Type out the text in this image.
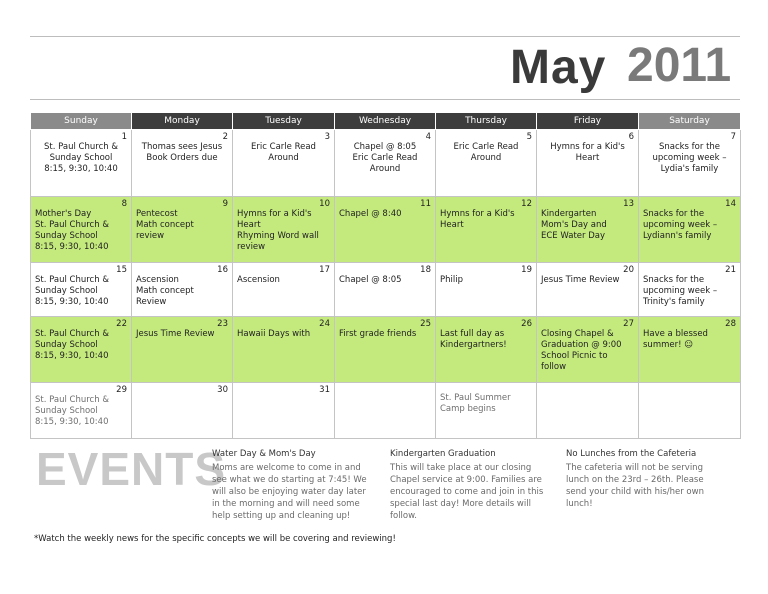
May 2011
Sunday	Monday	Tuesday	Wednesday	Thursday	Friday	Saturday

1
St. Paul Church &
Sunday School
8:15, 9:30, 10:40	2
Thomas sees Jesus
Book Orders due	3
Eric Carle Read
Around	4
Chapel @ 8:05
Eric Carle Read
Around	5
Eric Carle Read
Around	6
Hymns for a Kid's
Heart	7
Snacks for the
upcoming week –
Lydia's family

8
Mother's Day
St. Paul Church &
Sunday School
8:15, 9:30, 10:40	9
Pentecost
Math concept
review	10
Hymns for a Kid's
Heart
Rhyming Word wall
review	11
Chapel @ 8:40	12
Hymns for a Kid's
Heart	13
Kindergarten
Mom's Day and
ECE Water Day	14
Snacks for the
upcoming week –
Lydiann's family

15
St. Paul Church &
Sunday School
8:15, 9:30, 10:40	16
Ascension
Math concept
Review	17
Ascension	18
Chapel @ 8:05	19
Philip	20
Jesus Time Review	21
Snacks for the
upcoming week –
Trinity's family

22
St. Paul Church &
Sunday School
8:15, 9:30, 10:40	23
Jesus Time Review	24
Hawaii Days with	25
First grade friends	26
Last full day as
Kindergartners!	27
Closing Chapel &
Graduation @ 9:00
School Picnic to
follow	28
Have a blessed
summer! ☺

29
St. Paul Church &
Sunday School
8:15, 9:30, 10:40	30	31		St. Paul Summer
Camp begins		

EVENTS
Water Day & Mom's Day
Moms are welcome to come in and see what we do starting at 7:45! We will also be enjoying water day later in the morning and will need some help setting up and cleaning up!
Kindergarten Graduation
This will take place at our closing Chapel service at 9:00. Families are encouraged to come and join in this special last day! More details will follow.
No Lunches from the Cafeteria
The cafeteria will not be serving lunch on the 23rd – 26th. Please send your child with his/her own lunch!
*Watch the weekly news for the specific concepts we will be covering and reviewing!
